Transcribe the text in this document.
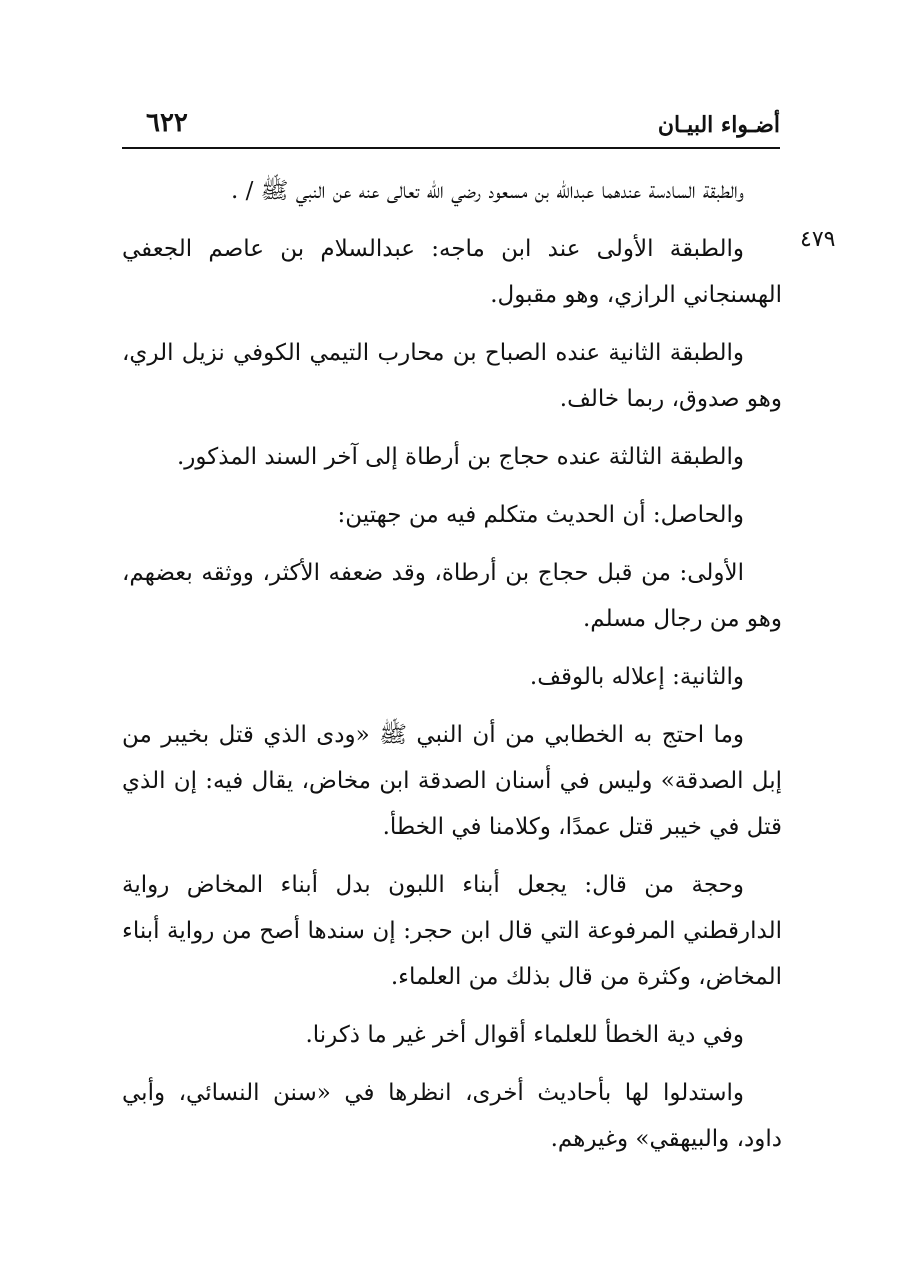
أضـواء البيـان
٦٢٢
٤٧٩

والطبقة السادسة عندهما عبدالله بن مسعود رضي الله تعالى عنه عن النبي ﷺ / .

والطبقة الأولى عند ابن ماجه: عبدالسلام بن عاصم الجعفي الهسنجاني الرازي، وهو مقبول.

والطبقة الثانية عنده الصباح بن محارب التيمي الكوفي نزيل الري، وهو صدوق، ربما خالف.

والطبقة الثالثة عنده حجاج بن أرطاة إلى آخر السند المذكور.

والحاصل: أن الحديث متكلم فيه من جهتين:

الأولى: من قبل حجاج بن أرطاة، وقد ضعفه الأكثر، ووثقه بعضهم، وهو من رجال مسلم.

والثانية: إعلاله بالوقف.

وما احتج به الخطابي من أن النبي ﷺ «ودى الذي قتل بخيبر من إبل الصدقة» وليس في أسنان الصدقة ابن مخاض، يقال فيه: إن الذي قتل في خيبر قتل عمدًا، وكلامنا في الخطأ.

وحجة من قال: يجعل أبناء اللبون بدل أبناء المخاض رواية الدارقطني المرفوعة التي قال ابن حجر: إن سندها أصح من رواية أبناء المخاض، وكثرة من قال بذلك من العلماء.

وفي دية الخطأ للعلماء أقوال أخر غير ما ذكرنا.

واستدلوا لها بأحاديث أخرى، انظرها في «سنن النسائي، وأبي داود، والبيهقي» وغيرهم.
